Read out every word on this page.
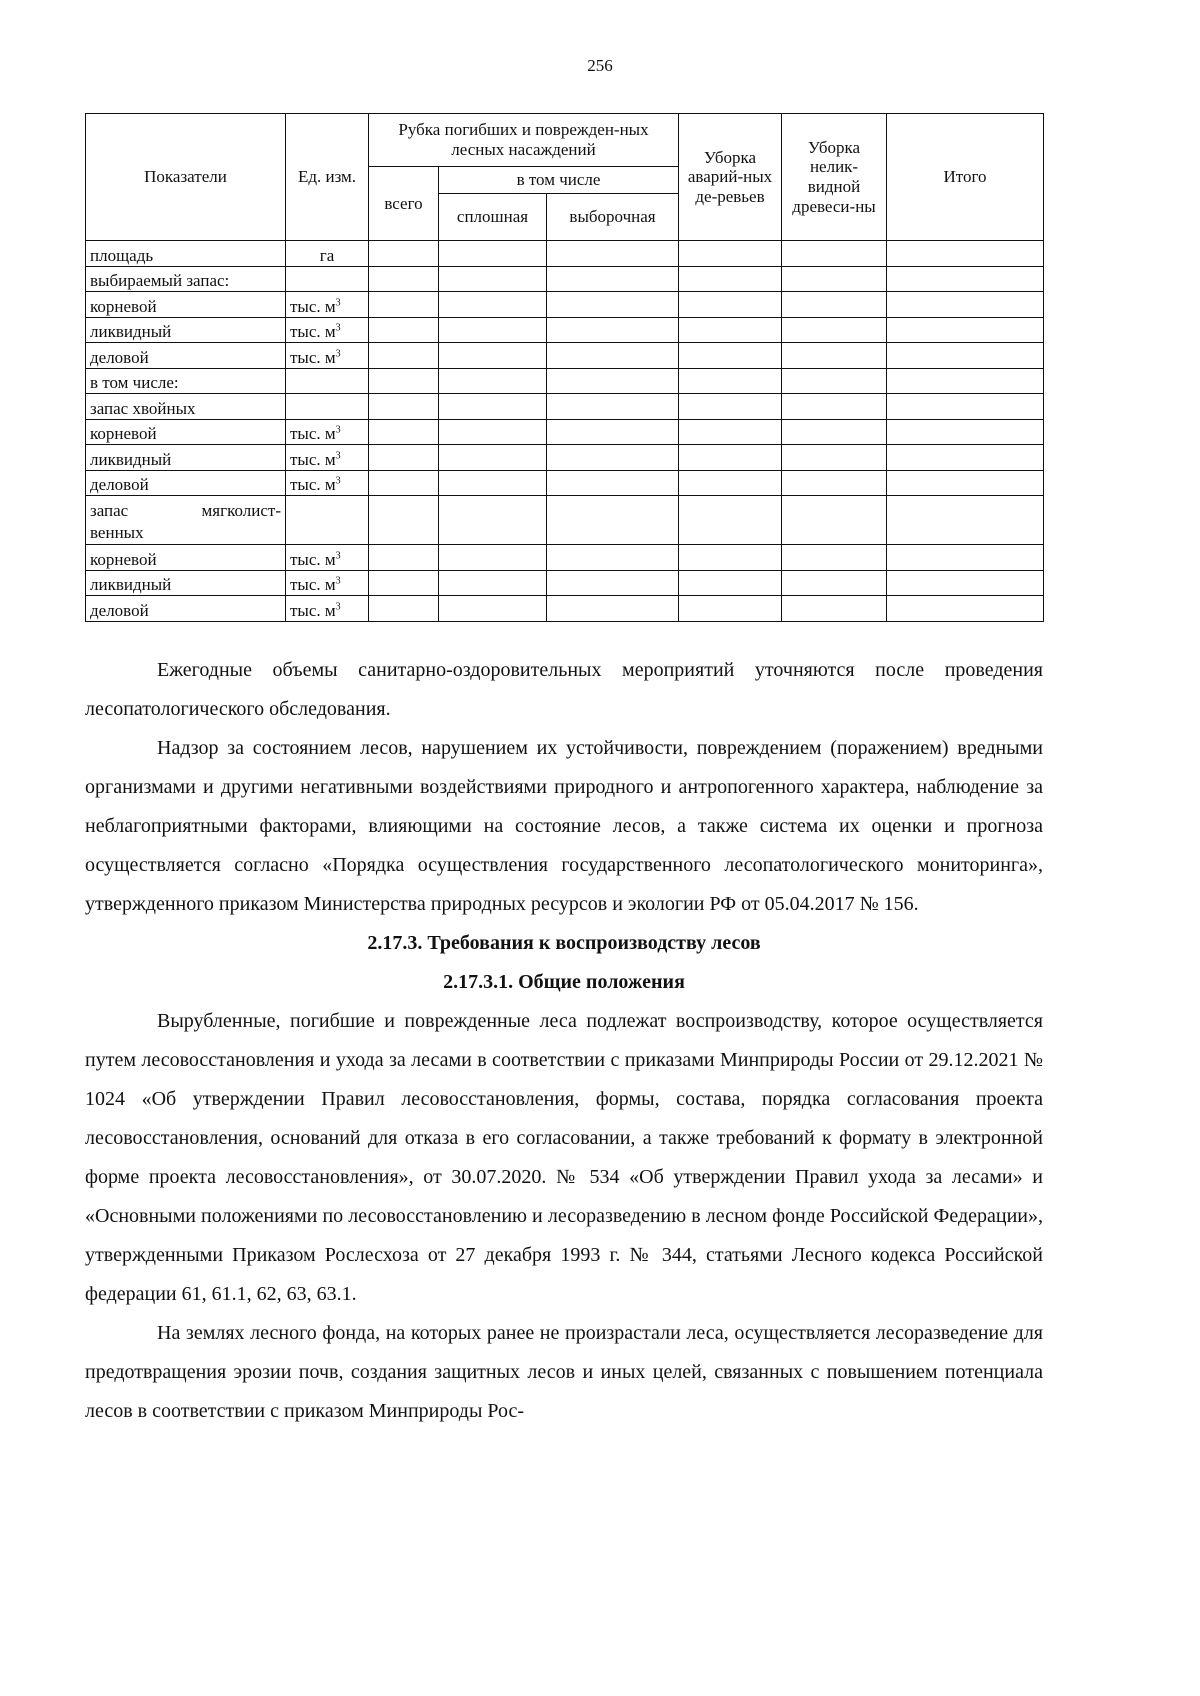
256
Показатели	Ед. изм.	Рубка погибших и поврежден-ных лесных насаждений			Уборка аварий-ных де-ревьев	Уборка нелик-видной древеси-ны	Итого
		всего	в том числе				
			сплошная	выборочная			
площадь	га						
выбираемый запас:							
корневой	тыс. $м^3$						
ликвидный	тыс. $м^3$						
деловой	тыс. $м^3$						
в том числе:							
запас хвойных							
корневой	тыс. $м^3$						
ликвидный	тыс. $м^3$						
деловой	тыс. $м^3$						
запас мягколист-
венных							

корневой	тыс. $м^3$						
ликвидный	тыс. $м^3$						
деловой	тыс. $м^3$						

Ежегодные объемы санитарно-оздоровительных мероприятий уточняются после проведения лесопатологического обследования.

Надзор за состоянием лесов, нарушением их устойчивости, повреждением (поражением) вредными организмами и другими негативными воздействиями природного и антропогенного характера, наблюдение за неблагоприятными факторами, влияющими на состояние лесов, а также система их оценки и прогноза осуществляется согласно «Порядка осуществления государственного лесопатологического мониторинга», утвержденного приказом Министерства природных ресурсов и экологии РФ от 05.04.2017 № 156.

2.17.3. Требования к воспроизводству лесов
2.17.3.1. Общие положения

Вырубленные, погибшие и поврежденные леса подлежат воспроизводству, которое осуществляется путем лесовосстановления и ухода за лесами в соответствии с приказами Минприроды России от 29.12.2021 № 1024 «Об утверждении Правил лесовосстановления, формы, состава, порядка согласования проекта лесовосстановления, оснований для отказа в его согласовании, а также требований к формату в электронной форме проекта лесовосстановления», от 30.07.2020. № 534 «Об утверждении Правил ухода за лесами» и «Основными положениями по лесовосстановлению и лесоразведению в лесном фонде Российской Федерации», утвержденными Приказом Рослесхоза от 27 декабря 1993 г. № 344, статьями Лесного кодекса Российской федерации 61, 61.1, 62, 63, 63.1.

На землях лесного фонда, на которых ранее не произрастали леса, осуществляется лесоразведение для предотвращения эрозии почв, создания защитных лесов и иных целей, связанных с повышением потенциала лесов в соответствии с приказом Минприроды Рос-
